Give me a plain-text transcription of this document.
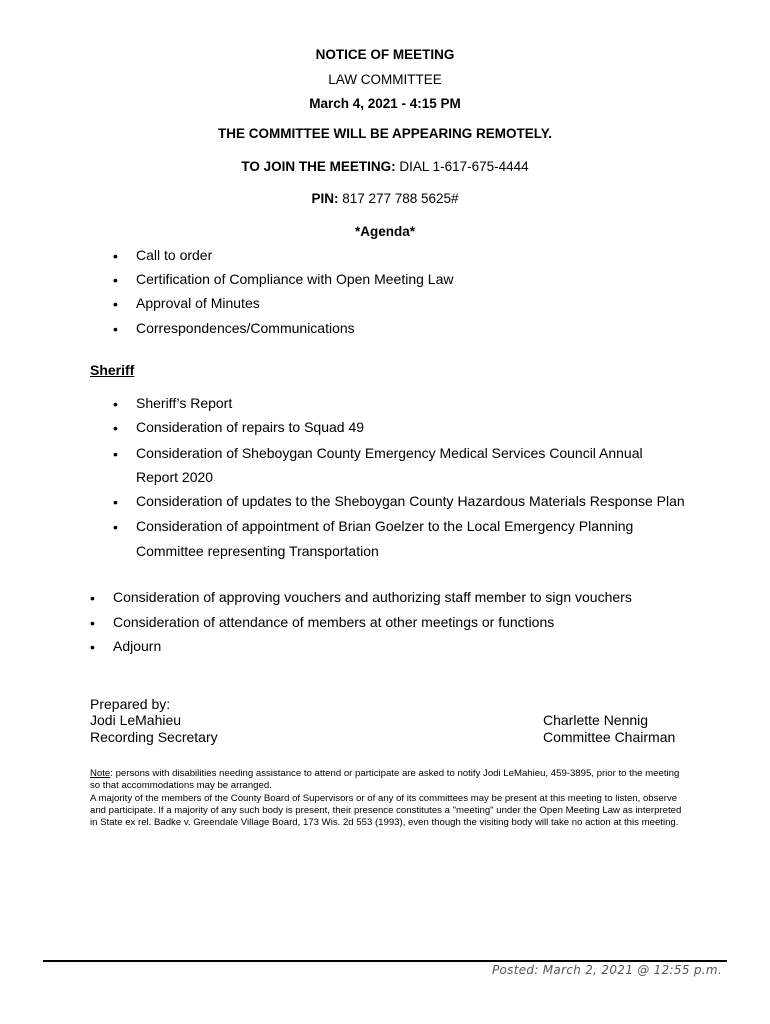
NOTICE OF MEETING
LAW COMMITTEE
March 4, 2021 - 4:15 PM
THE COMMITTEE WILL BE APPEARING REMOTELY.
TO JOIN THE MEETING: DIAL 1-617-675-4444
PIN: 817 277 788 5625#
*Agenda*
• Call to order
• Certification of Compliance with Open Meeting Law
• Approval of Minutes
• Correspondences/Communications
Sheriff
• Sheriff’s Report
• Consideration of repairs to Squad 49
• Consideration of Sheboygan County Emergency Medical Services Council Annual
Report 2020
• Consideration of updates to the Sheboygan County Hazardous Materials Response Plan
• Consideration of appointment of Brian Goelzer to the Local Emergency Planning
Committee representing Transportation
• Consideration of approving vouchers and authorizing staff member to sign vouchers
• Consideration of attendance of members at other meetings or functions
• Adjourn
Prepared by:
Jodi LeMahieu
Recording Secretary
Charlette Nennig
Committee Chairman
Note: persons with disabilities needing assistance to attend or participate are asked to notify Jodi LeMahieu, 459-3895, prior to the meeting so that accommodations may be arranged.
A majority of the members of the County Board of Supervisors or of any of its committees may be present at this meeting to listen, observe and participate. If a majority of any such body is present, their presence constitutes a "meeting" under the Open Meeting Law as interpreted in State ex rel. Badke v. Greendale Village Board, 173 Wis. 2d 553 (1993), even though the visiting body will take no action at this meeting.
Posted: March 2, 2021 @ 12:55 p.m.
